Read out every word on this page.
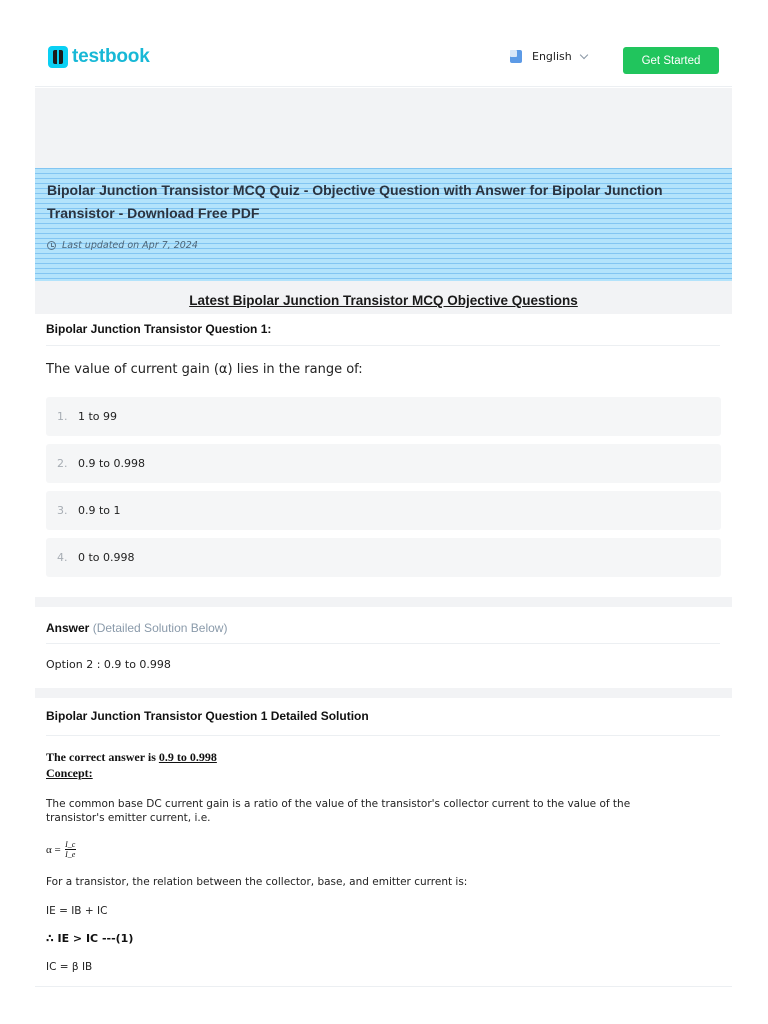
testbook	English	Get Started
Bipolar Junction Transistor MCQ Quiz - Objective Question with Answer for Bipolar Junction Transistor - Download Free PDF
Last updated on Apr 7, 2024
Latest Bipolar Junction Transistor MCQ Objective Questions
Bipolar Junction Transistor Question 1:
The value of current gain (α) lies in the range of:
1. 1 to 99
2. 0.9 to 0.998
3. 0.9 to 1
4. 0 to 0.998
Answer (Detailed Solution Below)
Option 2 : 0.9 to 0.998
Bipolar Junction Transistor Question 1 Detailed Solution
The correct answer is 0.9 to 0.998
Concept:
The common base DC current gain is a ratio of the value of the transistor's collector current to the value of the transistor's emitter current, i.e.
$\alpha = \frac{I\_c}{I\_e}$
For a transistor, the relation between the collector, base, and emitter current is:
IE = IB + IC
∴ IE > IC ---(1)
IC = β IB
